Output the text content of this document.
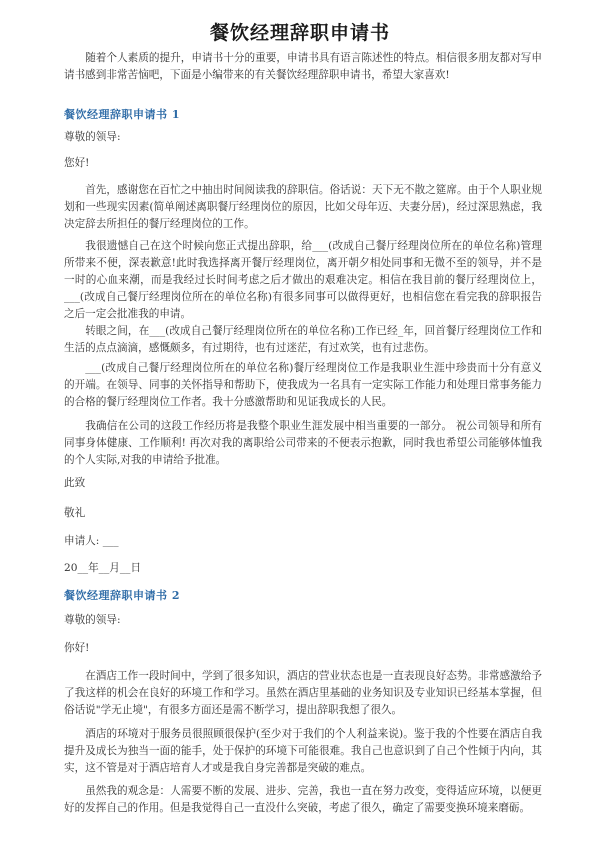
餐饮经理辞职申请书

随着个人素质的提升，申请书十分的重要，申请书具有语言陈述性的特点。相信很多朋友都对写申请书感到非常苦恼吧，下面是小编带来的有关餐饮经理辞职申请书，希望大家喜欢!

餐饮经理辞职申请书 1

尊敬的领导:

您好!

首先，感谢您在百忙之中抽出时间阅读我的辞职信。俗话说：天下无不散之筵席。由于个人职业规划和一些现实因素(简单阐述离职餐厅经理岗位的原因，比如父母年迈、夫妻分居)，经过深思熟虑，我决定辞去所担任的餐厅经理岗位的工作。

我很遗憾自己在这个时候向您正式提出辞职，给___(改成自己餐厅经理岗位所在的单位名称)管理所带来不便，深表歉意!此时我选择离开餐厅经理岗位，离开朝夕相处同事和无微不至的领导，并不是一时的心血来潮，而是我经过长时间考虑之后才做出的艰难决定。相信在我目前的餐厅经理岗位上，___(改成自己餐厅经理岗位所在的单位名称)有很多同事可以做得更好，也相信您在看完我的辞职报告之后一定会批准我的申请。

转眼之间，在___(改成自己餐厅经理岗位所在的单位名称)工作已经_年，回首餐厅经理岗位工作和生活的点点滴滴，感慨颇多，有过期待，也有过迷茫，有过欢笑，也有过悲伤。

___(改成自己餐厅经理岗位所在的单位名称)餐厅经理岗位工作是我职业生涯中珍贵而十分有意义的开端。在领导、同事的关怀指导和帮助下，使我成为一名具有一定实际工作能力和处理日常事务能力的合格的餐厅经理岗位工作者。我十分感激帮助和见证我成长的人民。

我确信在公司的这段工作经历将是我整个职业生涯发展中相当重要的一部分。 祝公司领导和所有同事身体健康、工作顺利! 再次对我的离职给公司带来的不便表示抱歉，同时我也希望公司能够体恤我的个人实际,对我的申请给予批准。

此致

敬礼

申请人: ___

20__年__月__日

餐饮经理辞职申请书 2

尊敬的领导:

你好!

在酒店工作一段时间中，学到了很多知识，酒店的营业状态也是一直表现良好态势。非常感激给予了我这样的机会在良好的环境工作和学习。虽然在酒店里基础的业务知识及专业知识已经基本掌握，但俗话说"学无止境"，有很多方面还是需不断学习，提出辞职我想了很久。

酒店的环境对于服务员很照顾很保护(至少对于我们的个人利益来说)。鉴于我的个性要在酒店自我提升及成长为独当一面的能手，处于保护的环境下可能很难。我自己也意识到了自己个性倾于内向，其实，这不管是对于酒店培育人才或是我自身完善都是突破的难点。

虽然我的观念是：人需要不断的发展、进步、完善，我也一直在努力改变，变得适应环境，以便更好的发挥自己的作用。但是我觉得自己一直没什么突破，考虑了很久，确定了需要变换环境来磨砺。
